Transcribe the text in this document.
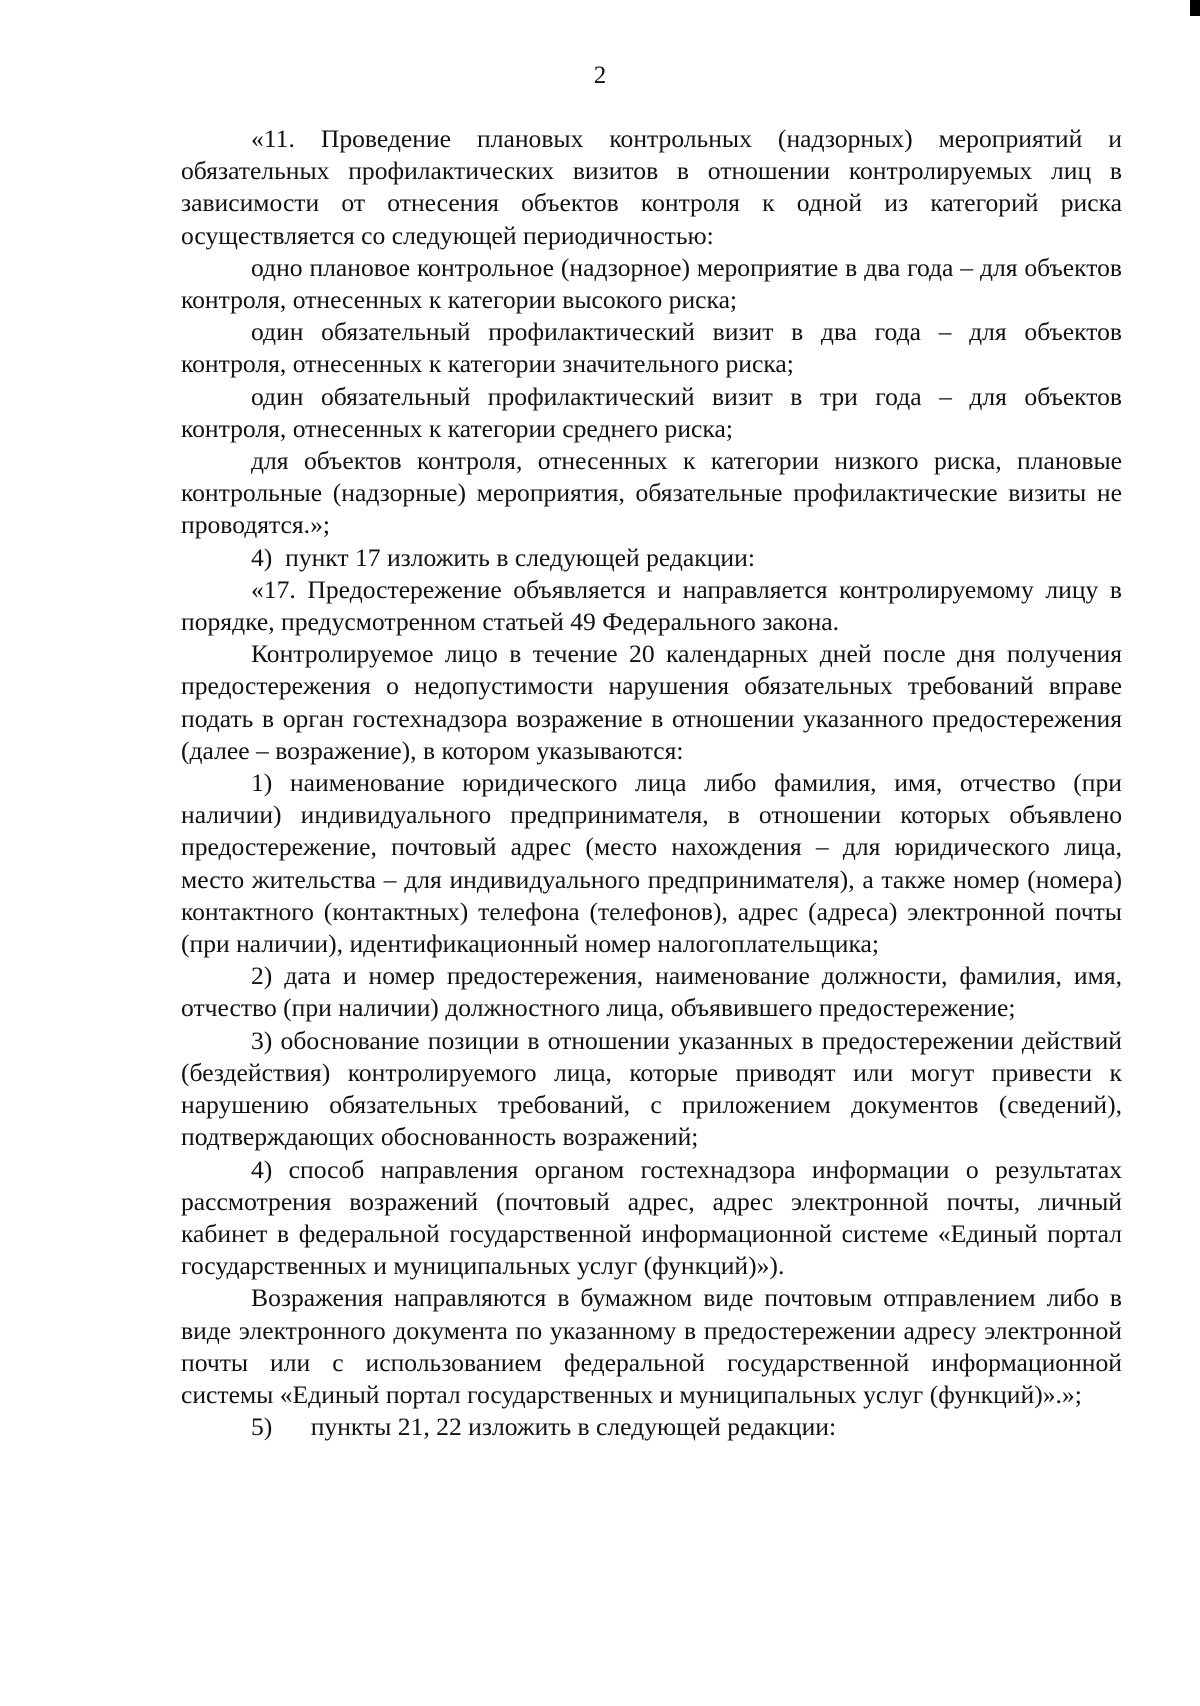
2

«11. Проведение плановых контрольных (надзорных) мероприятий и обязательных профилактических визитов в отношении контролируемых лиц в зависимости от отнесения объектов контроля к одной из категорий риска осуществляется со следующей периодичностью:

одно плановое контрольное (надзорное) мероприятие в два года – для объектов контроля, отнесенных к категории высокого риска;

один обязательный профилактический визит в два года – для объектов контроля, отнесенных к категории значительного риска;

один обязательный профилактический визит в три года – для объектов контроля, отнесенных к категории среднего риска;

для объектов контроля, отнесенных к категории низкого риска, плановые контрольные (надзорные) мероприятия, обязательные профилактические визиты не проводятся.»;

4)  пункт 17 изложить в следующей редакции:

«17. Предостережение объявляется и направляется контролируемому лицу в порядке, предусмотренном статьей 49 Федерального закона.

Контролируемое лицо в течение 20 календарных дней после дня получения предостережения о недопустимости нарушения обязательных требований вправе подать в орган гостехнадзора возражение в отношении указанного предостережения (далее – возражение), в котором указываются:

1) наименование юридического лица либо фамилия, имя, отчество (при наличии) индивидуального предпринимателя, в отношении которых объявлено предостережение, почтовый адрес (место нахождения – для юридического лица, место жительства – для индивидуального предпринимателя), а также номер (номера) контактного (контактных) телефона (телефонов), адрес (адреса) электронной почты (при наличии), идентификационный номер налогоплательщика;

2) дата и номер предостережения, наименование должности, фамилия, имя, отчество (при наличии) должностного лица, объявившего предостережение;

3) обоснование позиции в отношении указанных в предостережении действий (бездействия) контролируемого лица, которые приводят или могут привести к нарушению обязательных требований, с приложением документов (сведений), подтверждающих обоснованность возражений;

4) способ направления органом гостехнадзора информации о результатах рассмотрения возражений (почтовый адрес, адрес электронной почты, личный кабинет в федеральной государственной информационной системе «Единый портал государственных и муниципальных услуг (функций)»).

Возражения направляются в бумажном виде почтовым отправлением либо в виде электронного документа по указанному в предостережении адресу электронной почты или с использованием федеральной государственной информационной системы «Единый портал государственных и муниципальных услуг (функций)».»;

5)      пункты 21, 22 изложить в следующей редакции:
